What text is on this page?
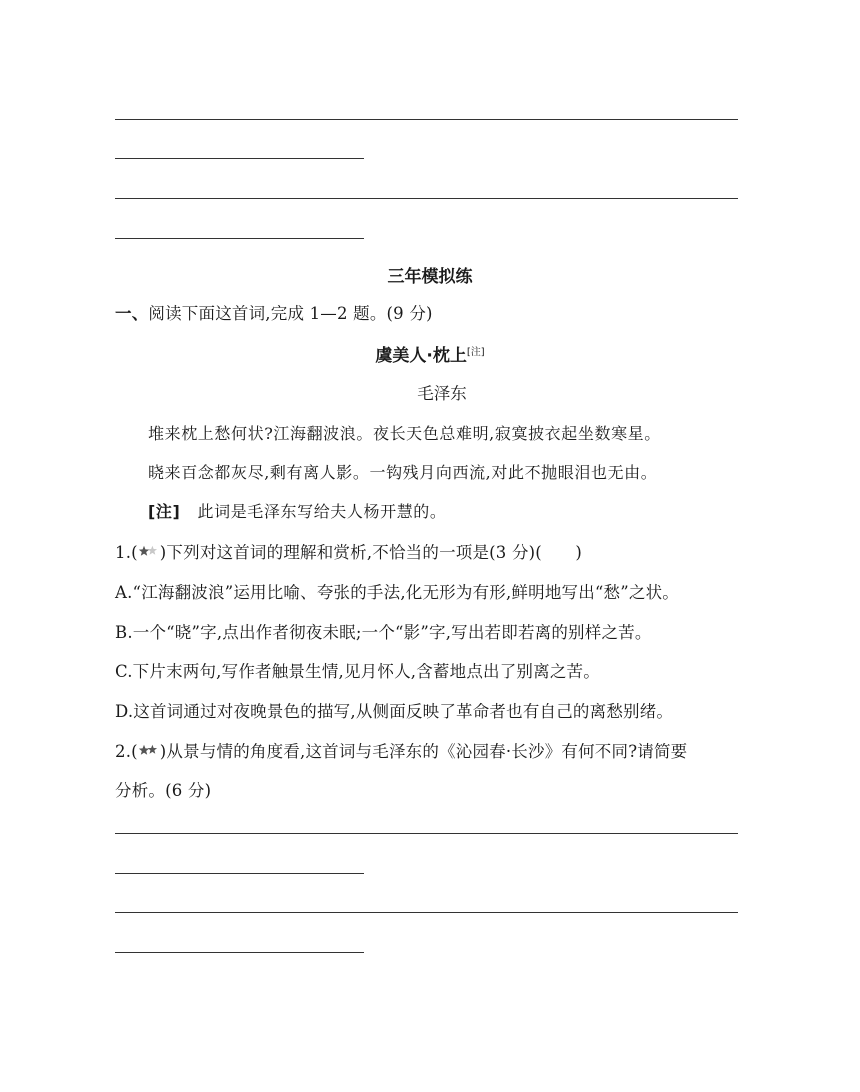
三年模拟练
一、阅读下面这首词,完成 1—2 题。(9 分)
虞美人·枕上[注]
毛泽东
堆来枕上愁何状?江海翻波浪。夜长天色总难明,寂寞披衣起坐数寒星。
晓来百念都灰尽,剩有离人影。一钩残月向西流,对此不抛眼泪也无由。
[注] 此词是毛泽东写给夫人杨开慧的。
1.( )下列对这首词的理解和赏析,不恰当的一项是(3 分)(　　)
A.“江海翻波浪”运用比喻、夸张的手法,化无形为有形,鲜明地写出“愁”之状。
B.一个“晓”字,点出作者彻夜未眠;一个“影”字,写出若即若离的别样之苦。
C.下片末两句,写作者触景生情,见月怀人,含蓄地点出了别离之苦。
D.这首词通过对夜晚景色的描写,从侧面反映了革命者也有自己的离愁别绪。
2.( )从景与情的角度看,这首词与毛泽东的《沁园春·长沙》有何不同?请简要
分析。(6 分)
